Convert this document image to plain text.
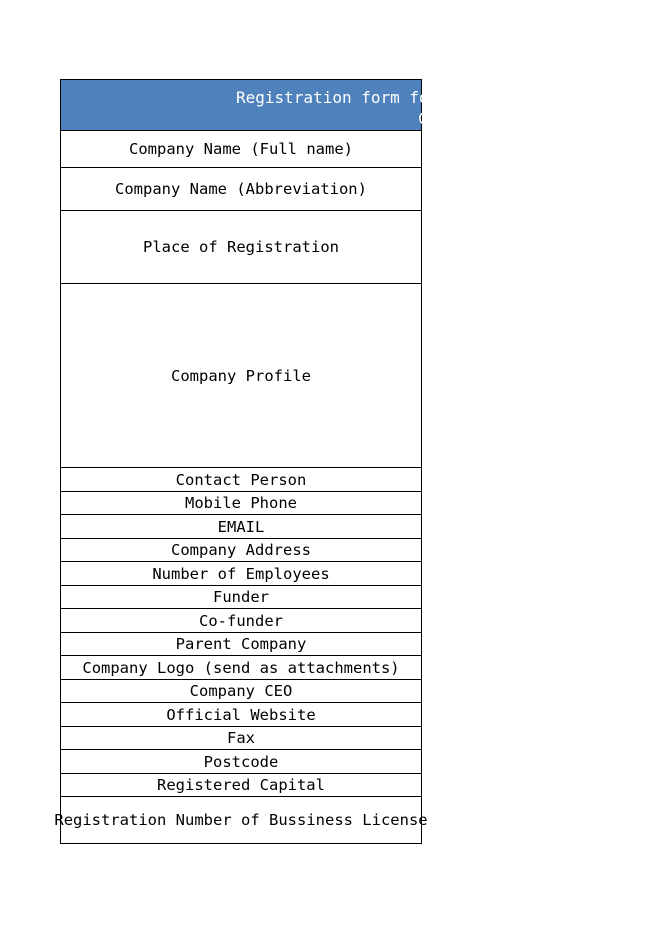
Registration form for
C
Company Name (Full name)
Company Name (Abbreviation)
Place of Registration
Company Profile
Contact Person
Mobile Phone
EMAIL
Company Address
Number of Employees
Funder
Co-funder
Parent Company
Company Logo (send as attachments)
Company CEO
Official Website
Fax
Postcode
Registered Capital
Registration Number of Bussiness License
